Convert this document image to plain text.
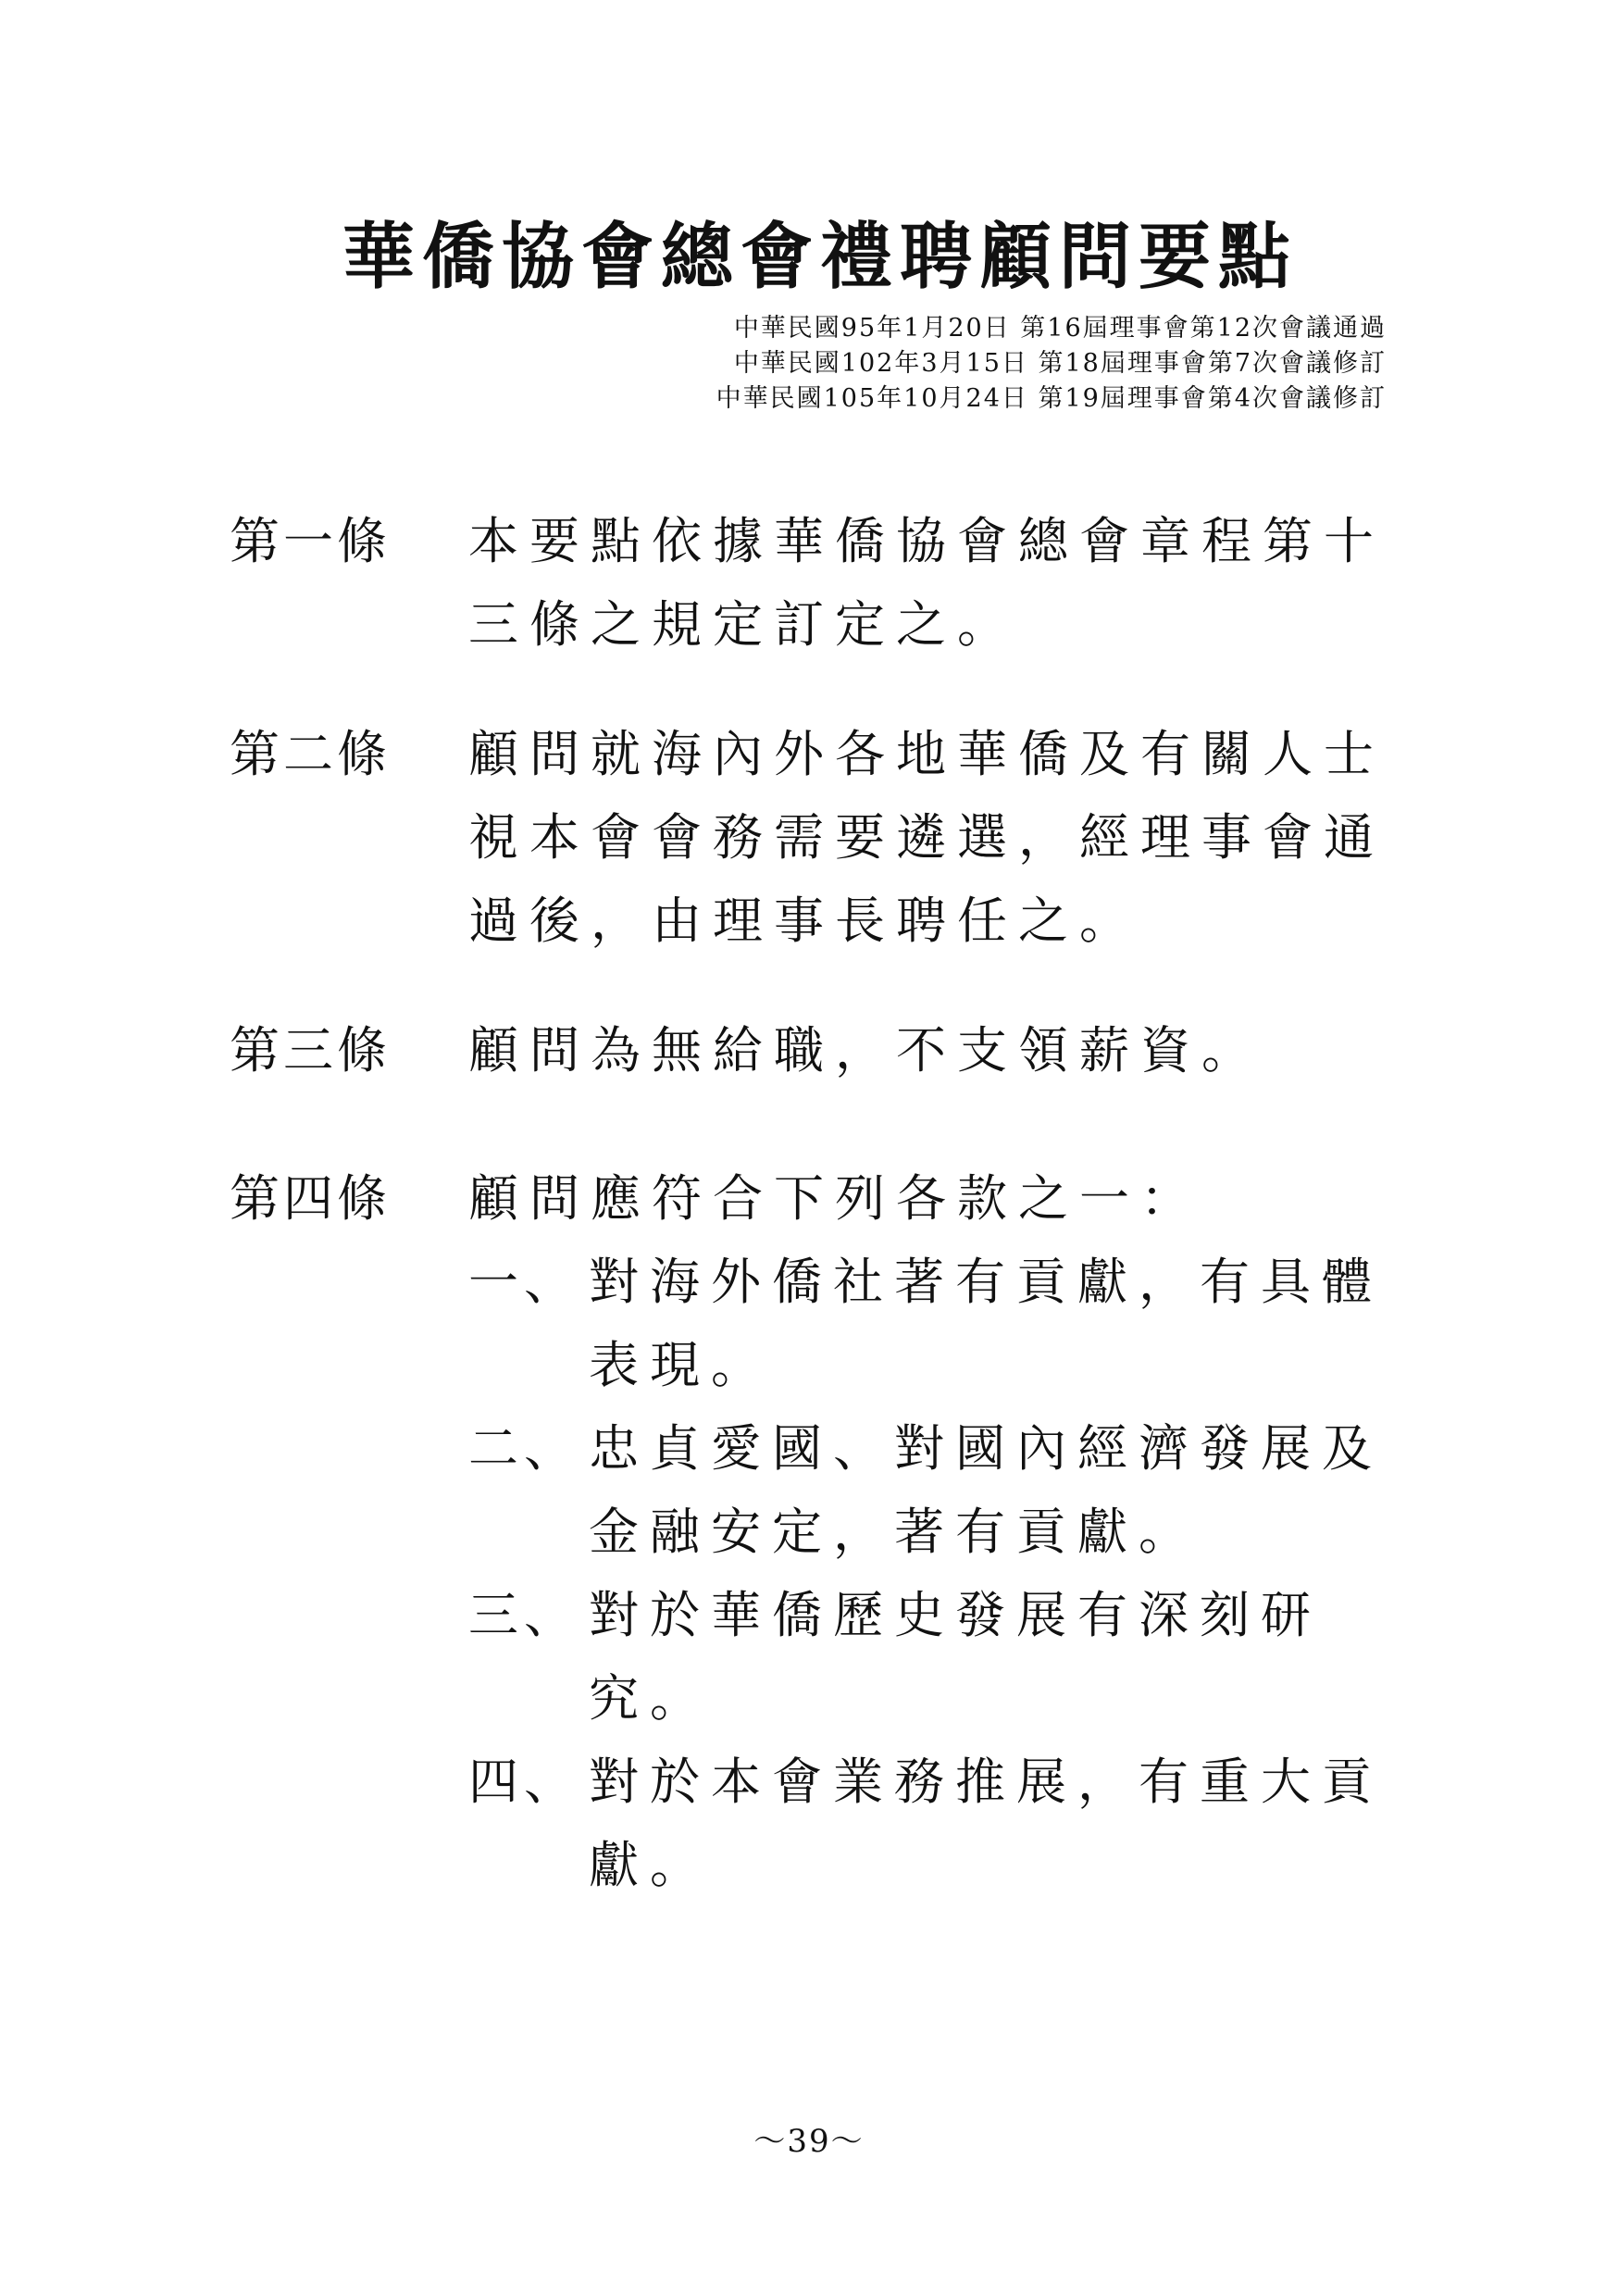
華僑協會總會禮聘顧問要點
中華民國95年1月20日 第16屆理事會第12次會議通過
中華民國102年3月15日 第18屆理事會第7次會議修訂
中華民國105年10月24日 第19屆理事會第4次會議修訂
第一條 本要點依據華僑協會總會章程第十三條之規定訂定之。
第二條 顧問就海內外各地華僑及有關人士視本會會務需要遴選，經理事會通過後，由理事長聘任之。
第三條 顧問為無給職，不支領薪資。
第四條 顧問應符合下列各款之一：
一、 對海外僑社著有貢獻，有具體表現。
二、 忠貞愛國、對國內經濟發展及金融安定，著有貢獻。
三、 對於華僑歷史發展有深刻研究。
四、 對於本會業務推展，有重大貢獻。
～39～
